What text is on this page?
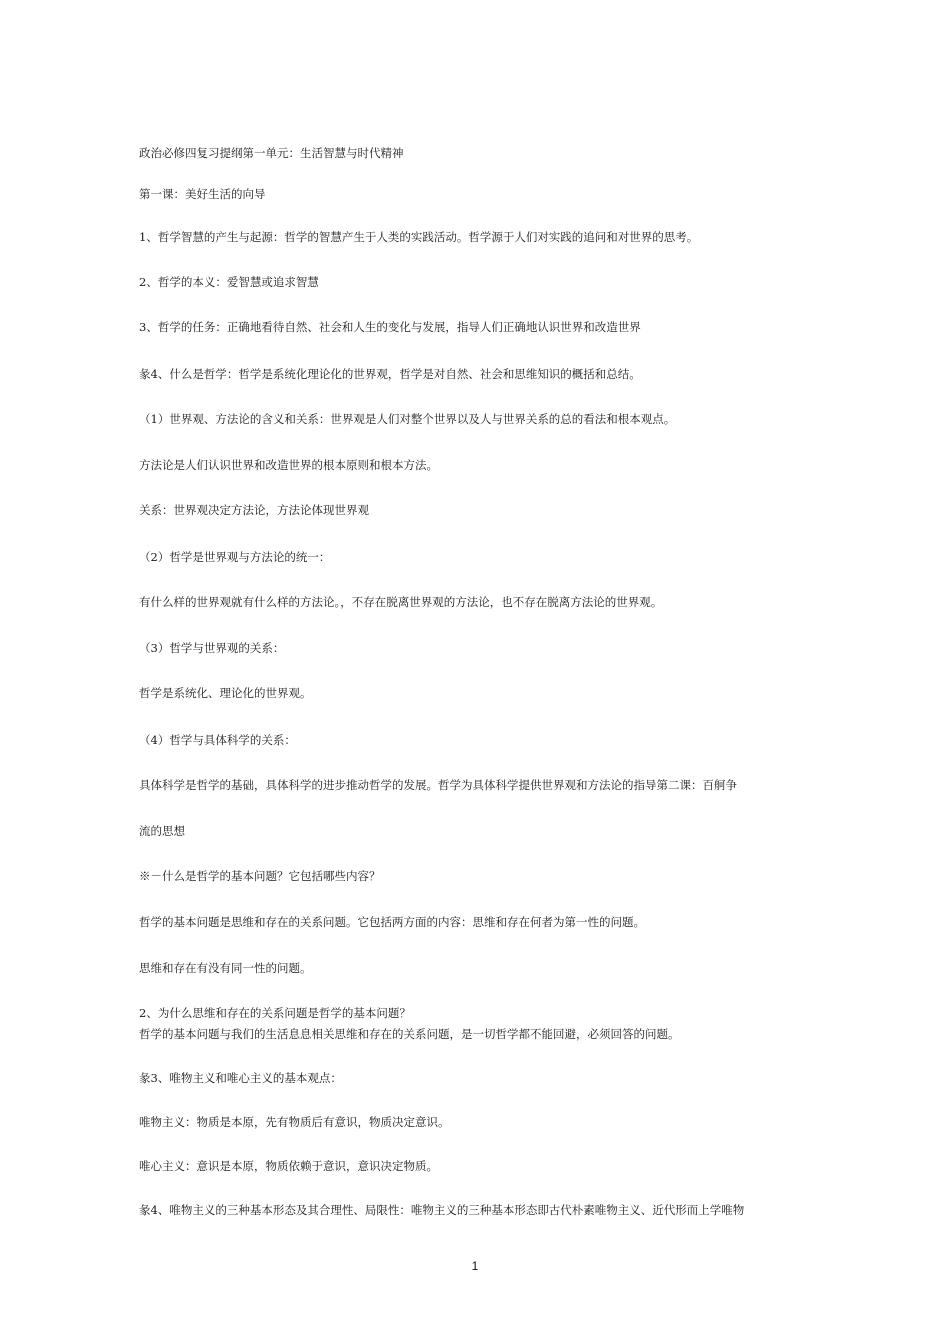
政治必修四复习提纲第一单元：生活智慧与时代精神
第一课：美好生活的向导
1、哲学智慧的产生与起源：哲学的智慧产生于人类的实践活动。哲学源于人们对实践的追问和对世界的思考。
2、哲学的本义：爱智慧或追求智慧
3、哲学的任务：正确地看待自然、社会和人生的变化与发展，指导人们正确地认识世界和改造世界
彖4、什么是哲学：哲学是系统化理论化的世界观，哲学是对自然、社会和思维知识的概括和总结。
（1）世界观、方法论的含义和关系：世界观是人们对整个世界以及人与世界关系的总的看法和根本观点。
方法论是人们认识世界和改造世界的根本原则和根本方法。
关系：世界观决定方法论，方法论体现世界观
（2）哲学是世界观与方法论的统一：
有什么样的世界观就有什么样的方法论。，不存在脱离世界观的方法论，也不存在脱离方法论的世界观。
（3）哲学与世界观的关系：
哲学是系统化、理论化的世界观。
（4）哲学与具体科学的关系：
具体科学是哲学的基础，具体科学的进步推动哲学的发展。哲学为具体科学提供世界观和方法论的指导第二课：百舸争
流的思想
※－什么是哲学的基本问题？它包括哪些内容？
哲学的基本问题是思维和存在的关系问题。它包括两方面的内容：思维和存在何者为第一性的问题。
思维和存在有没有同一性的问题。
2、为什么思维和存在的关系问题是哲学的基本问题？
哲学的基本问题与我们的生活息息相关思维和存在的关系问题，是一切哲学都不能回避，必须回答的问题。
彖3、唯物主义和唯心主义的基本观点：
唯物主义：物质是本原，先有物质后有意识，物质决定意识。
唯心主义：意识是本原，物质依赖于意识，意识决定物质。
彖4、唯物主义的三种基本形态及其合理性、局限性：唯物主义的三种基本形态即古代朴素唯物主义、近代形而上学唯物
1
